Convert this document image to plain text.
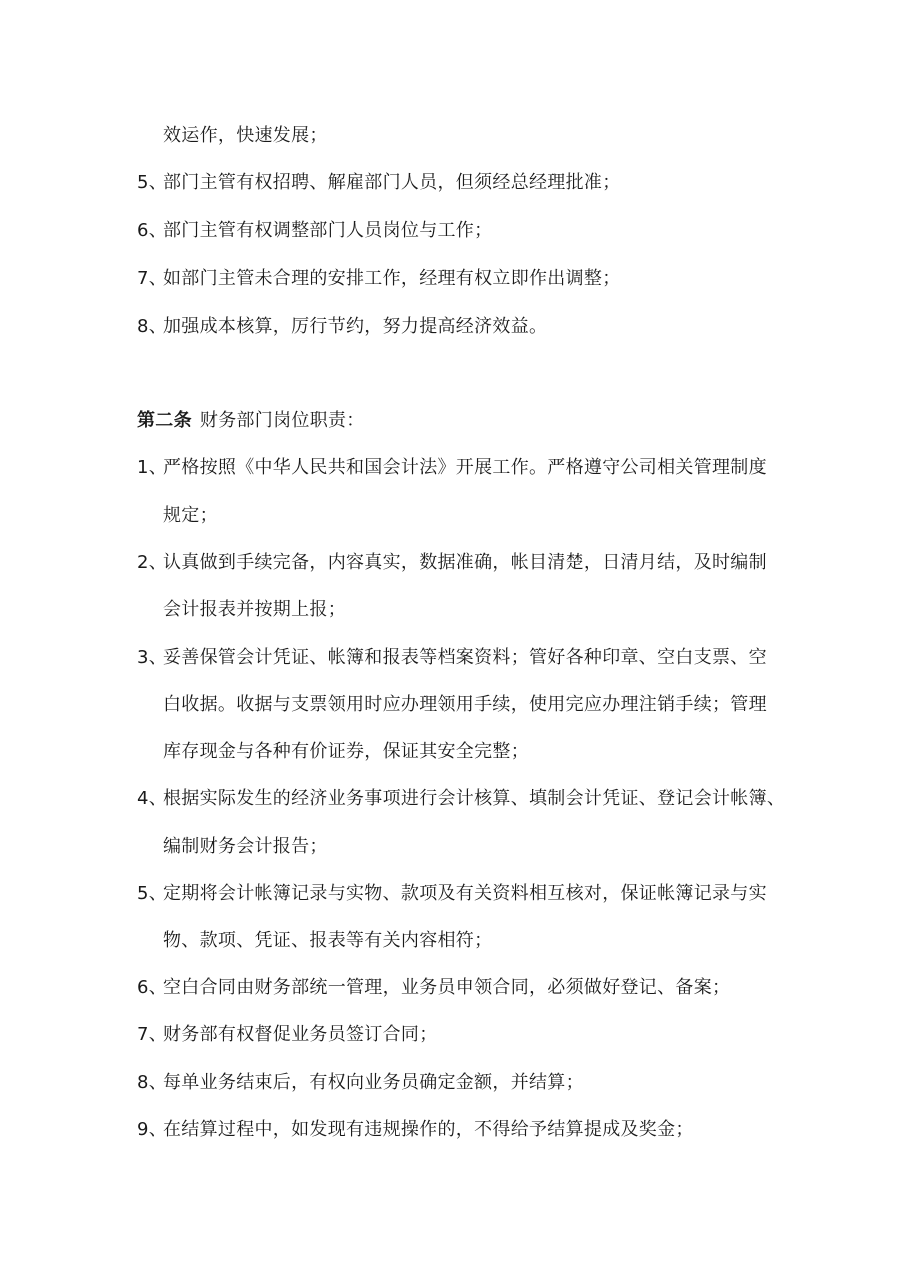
效运作，快速发展；
5、部门主管有权招聘、解雇部门人员，但须经总经理批准；
6、部门主管有权调整部门人员岗位与工作；
7、如部门主管未合理的安排工作，经理有权立即作出调整；
8、加强成本核算，厉行节约，努力提高经济效益。
第二条 财务部门岗位职责：
1、严格按照《中华人民共和国会计法》开展工作。严格遵守公司相关管理制度
规定；
2、认真做到手续完备，内容真实，数据准确，帐目清楚，日清月结，及时编制
会计报表并按期上报；
3、妥善保管会计凭证、帐簿和报表等档案资料；管好各种印章、空白支票、空
白收据。收据与支票领用时应办理领用手续，使用完应办理注销手续；管理
库存现金与各种有价证券，保证其安全完整；
4、根据实际发生的经济业务事项进行会计核算、填制会计凭证、登记会计帐簿、
编制财务会计报告；
5、定期将会计帐簿记录与实物、款项及有关资料相互核对，保证帐簿记录与实
物、款项、凭证、报表等有关内容相符；
6、空白合同由财务部统一管理，业务员申领合同，必须做好登记、备案；
7、财务部有权督促业务员签订合同；
8、每单业务结束后，有权向业务员确定金额，并结算；
9、在结算过程中，如发现有违规操作的，不得给予结算提成及奖金；
